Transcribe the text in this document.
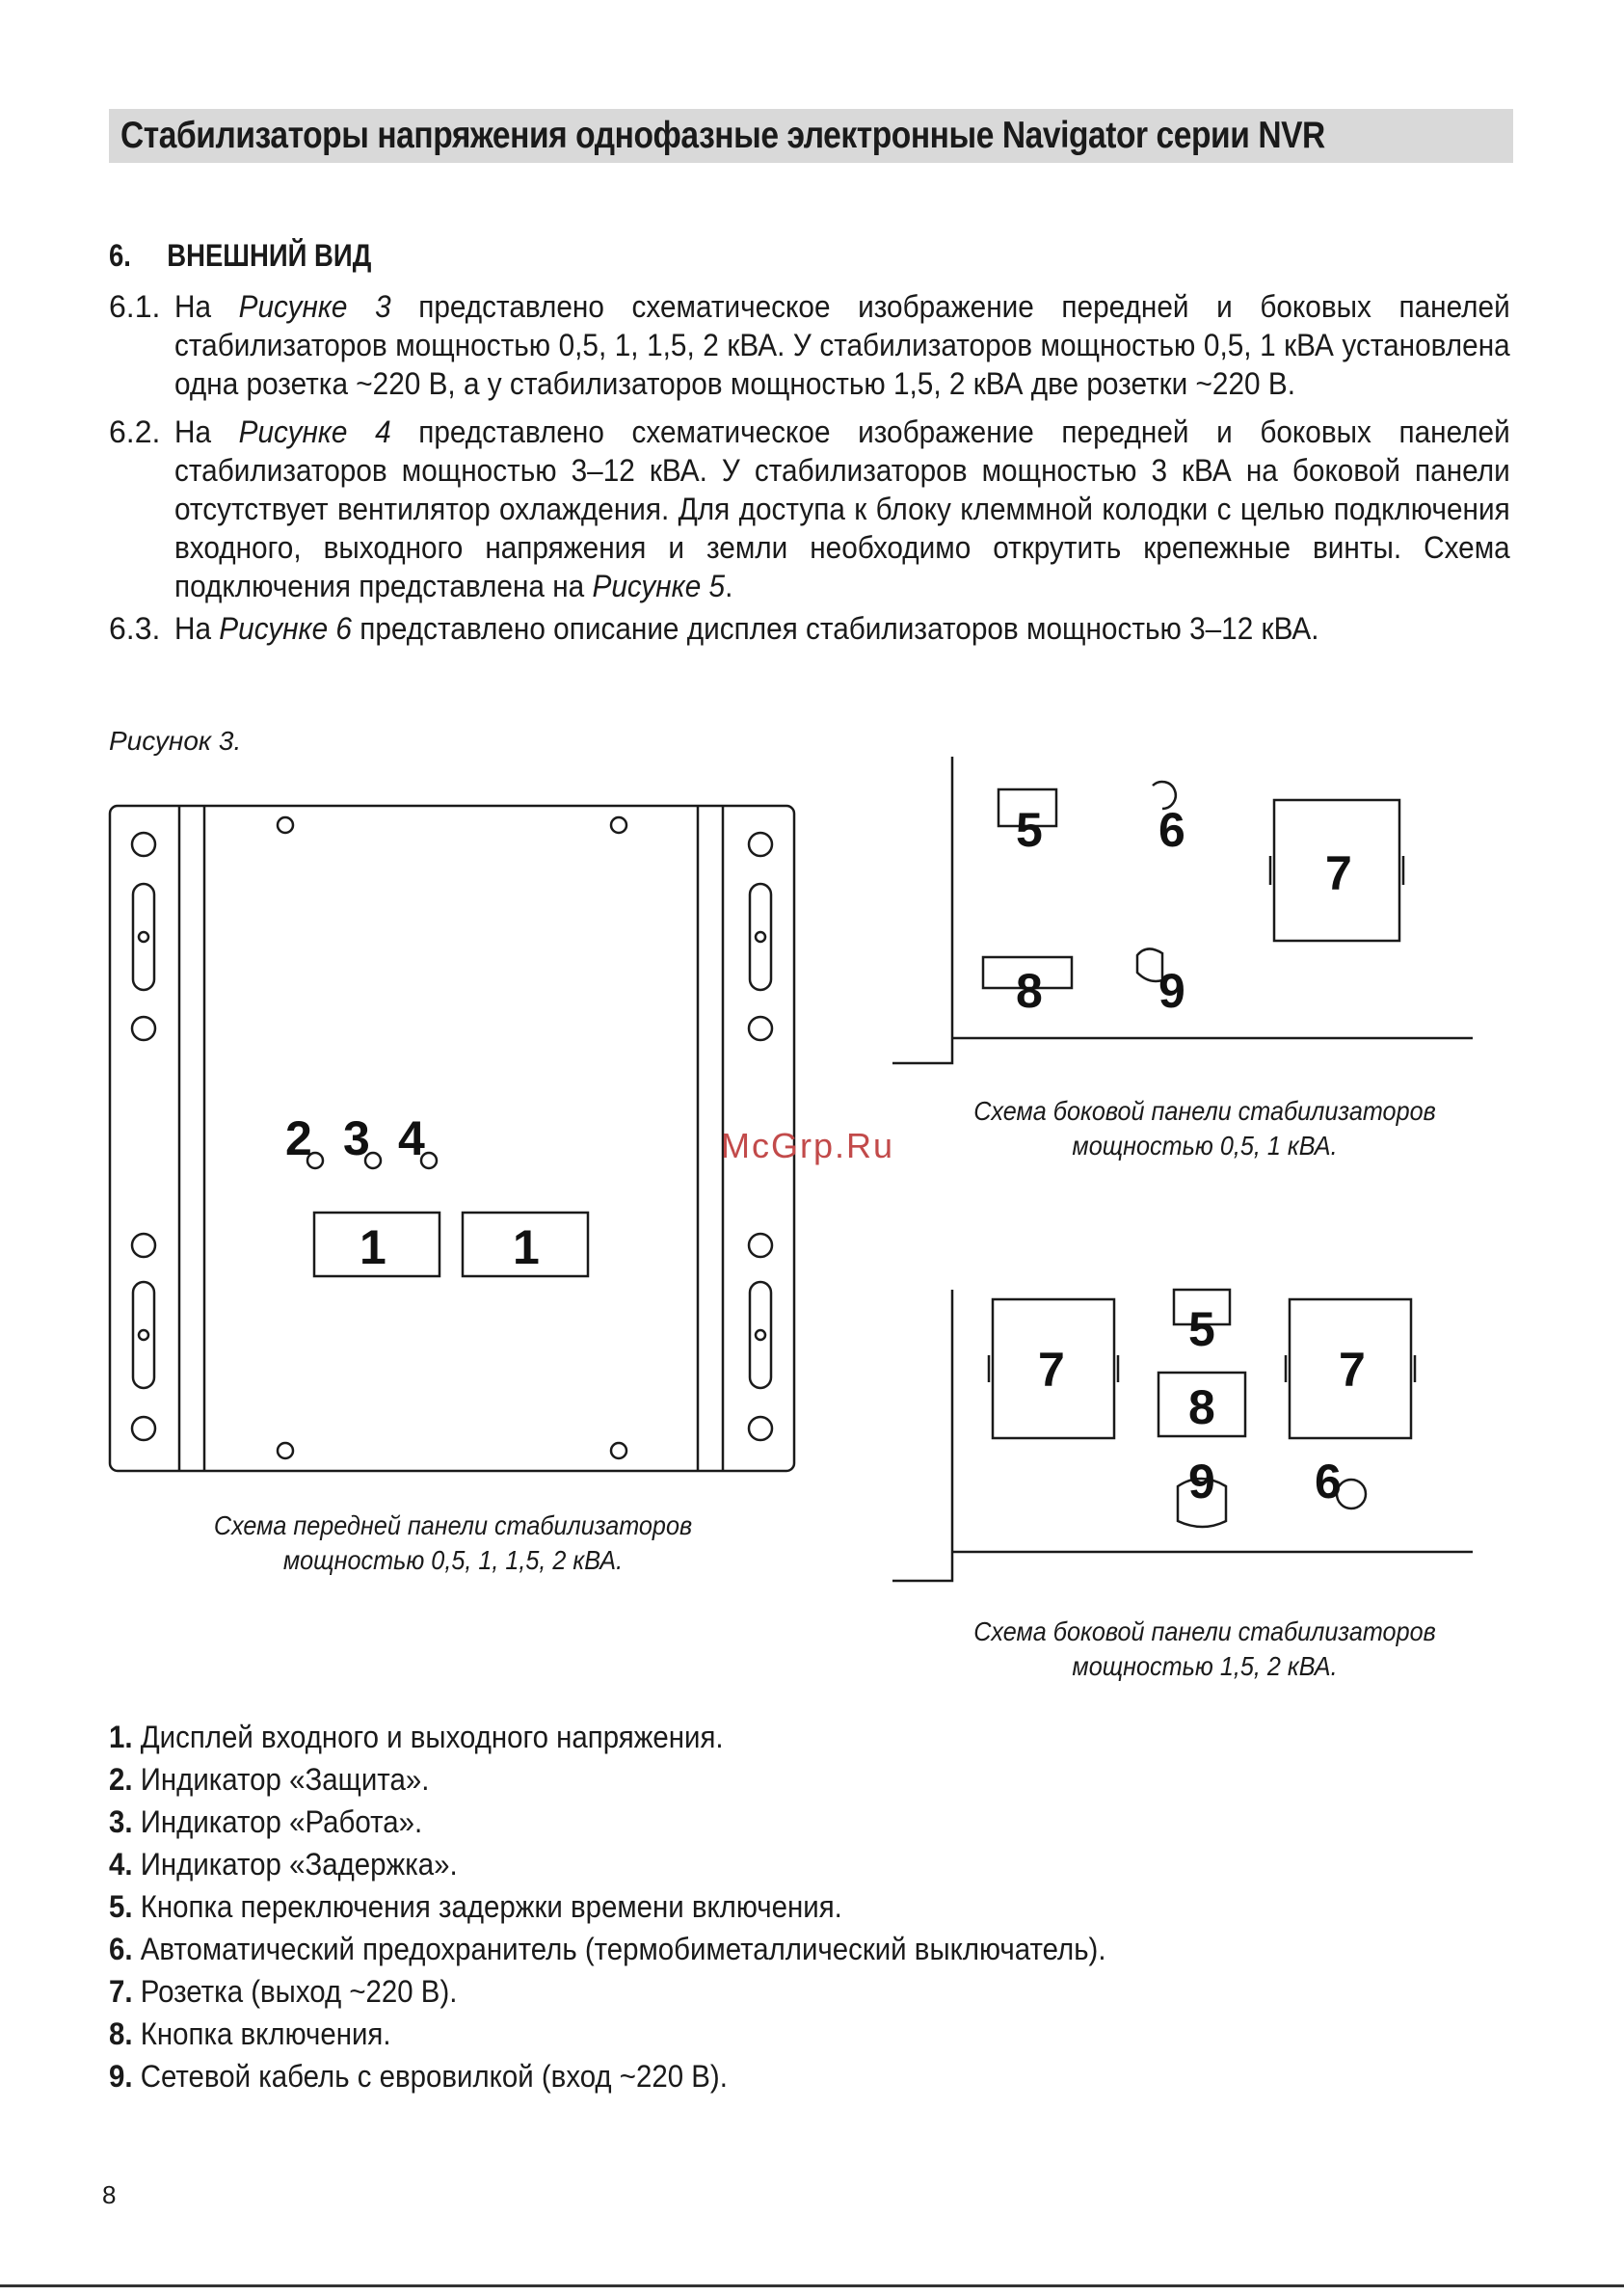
Стабилизаторы напряжения однофазные электронные Navigator серии NVR
6. ВНЕШНИЙ ВИД
6.1. На Рисунке 3 представлено схематическое изображение передней и боковых панелей стабилизаторов мощностью 0,5, 1, 1,5, 2 кВА. У стабилизаторов мощностью 0,5, 1 кВА установлена одна розетка ~220 В, а у стабилизаторов мощностью 1,5, 2 кВА две розетки ~220 В.
6.2. На Рисунке 4 представлено схематическое изображение передней и боковых панелей стабилизаторов мощностью 3–12 кВА. У стабилизаторов мощностью 3 кВА на боковой панели отсутствует вентилятор охлаждения. Для доступа к блоку клеммной колодки с целью подключения входного, выходного напряжения и земли необходимо открутить крепежные винты. Схема подключения представлена на Рисунке 5.
6.3. На Рисунке 6 представлено описание дисплея стабилизаторов мощностью 3–12 кВА.
Рисунок 3.
2 3 4
1	1
Схема передней панели стабилизаторов
мощностью 0,5, 1, 1,5, 2 кВА.
5 6
7
8 9
Схема боковой панели стабилизаторов
мощностью 0,5, 1 кВА.
5
8
7	7
9 6
Схема боковой панели стабилизаторов
мощностью 1,5, 2 кВА.
McGrp.Ru
1. Дисплей входного и выходного напряжения.
2. Индикатор «Защита».
3. Индикатор «Работа».
4. Индикатор «Задержка».
5. Кнопка переключения задержки времени включения.
6. Автоматический предохранитель (термобиметаллический выключатель).
7. Розетка (выход ~220 В).
8. Кнопка включения.
9. Сетевой кабель с евровилкой (вход ~220 В).
8
